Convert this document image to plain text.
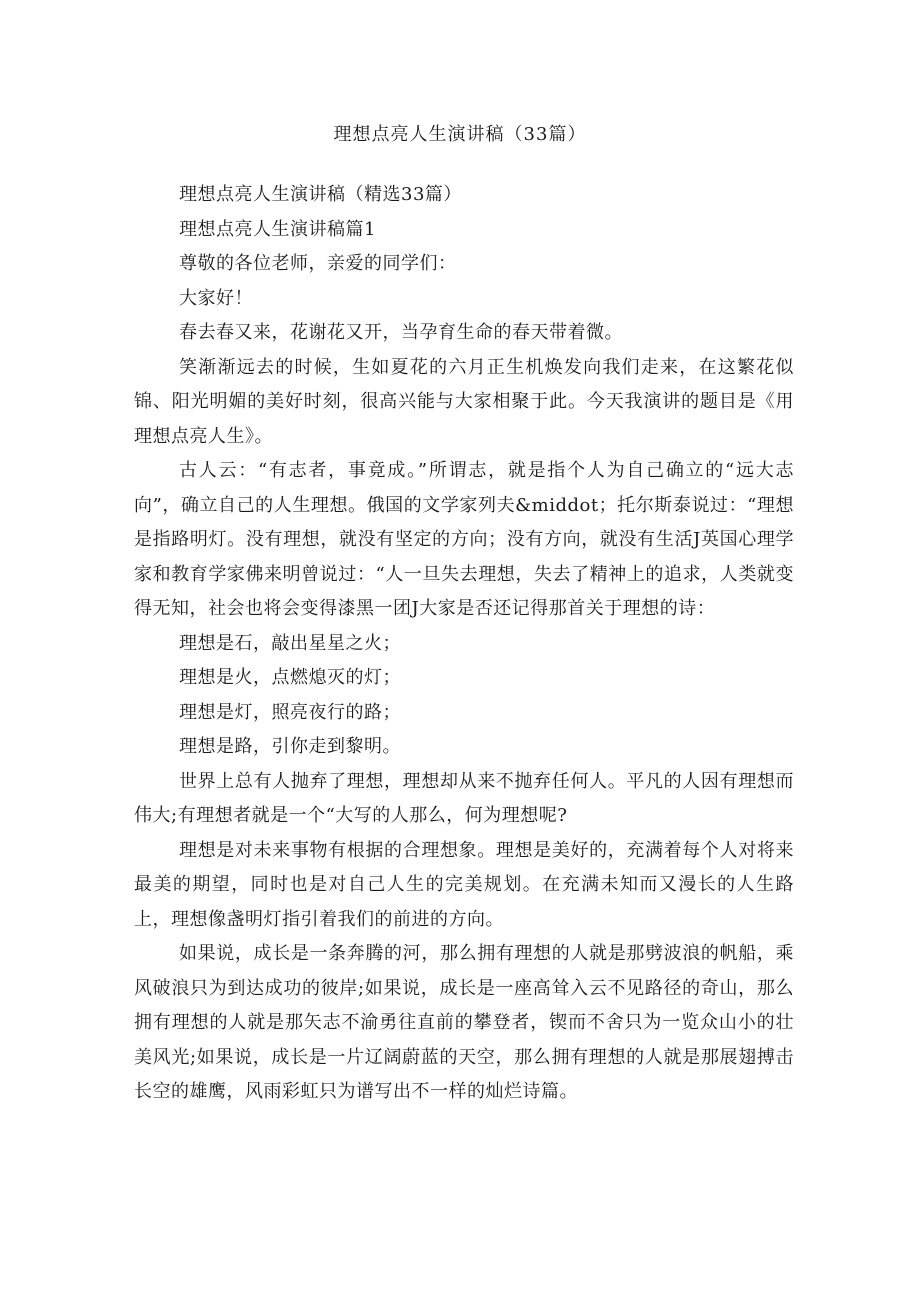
理想点亮人生演讲稿（33篇）

理想点亮人生演讲稿（精选33篇）

理想点亮人生演讲稿篇1

尊敬的各位老师，亲爱的同学们：

大家好！

春去春又来，花谢花又开，当孕育生命的春天带着微。

笑渐渐远去的时候，生如夏花的六月正生机焕发向我们走来，在这繁花似锦、阳光明媚的美好时刻，很高兴能与大家相聚于此。今天我演讲的题目是《用理想点亮人生》。

古人云：“有志者，事竟成。”所谓志，就是指个人为自己确立的“远大志向”，确立自己的人生理想。俄国的文学家列夫&middot；托尔斯泰说过：“理想是指路明灯。没有理想，就没有坚定的方向；没有方向，就没有生活J英国心理学家和教育学家佛来明曾说过：“人一旦失去理想，失去了精神上的追求，人类就变得无知，社会也将会变得漆黑一团J大家是否还记得那首关于理想的诗：

理想是石，敲出星星之火；

理想是火，点燃熄灭的灯；

理想是灯，照亮夜行的路；

理想是路，引你走到黎明。

世界上总有人抛弃了理想，理想却从来不抛弃任何人。平凡的人因有理想而伟大;有理想者就是一个“大写的人那么，何为理想呢?

理想是对未来事物有根据的合理想象。理想是美好的，充满着每个人对将来最美的期望，同时也是对自己人生的完美规划。在充满未知而又漫长的人生路上，理想像盏明灯指引着我们的前进的方向。

如果说，成长是一条奔腾的河，那么拥有理想的人就是那劈波浪的帆船，乘风破浪只为到达成功的彼岸;如果说，成长是一座高耸入云不见路径的奇山，那么拥有理想的人就是那矢志不渝勇往直前的攀登者，锲而不舍只为一览众山小的壮美风光;如果说，成长是一片辽阔蔚蓝的天空，那么拥有理想的人就是那展翅搏击长空的雄鹰，风雨彩虹只为谱写出不一样的灿烂诗篇。
